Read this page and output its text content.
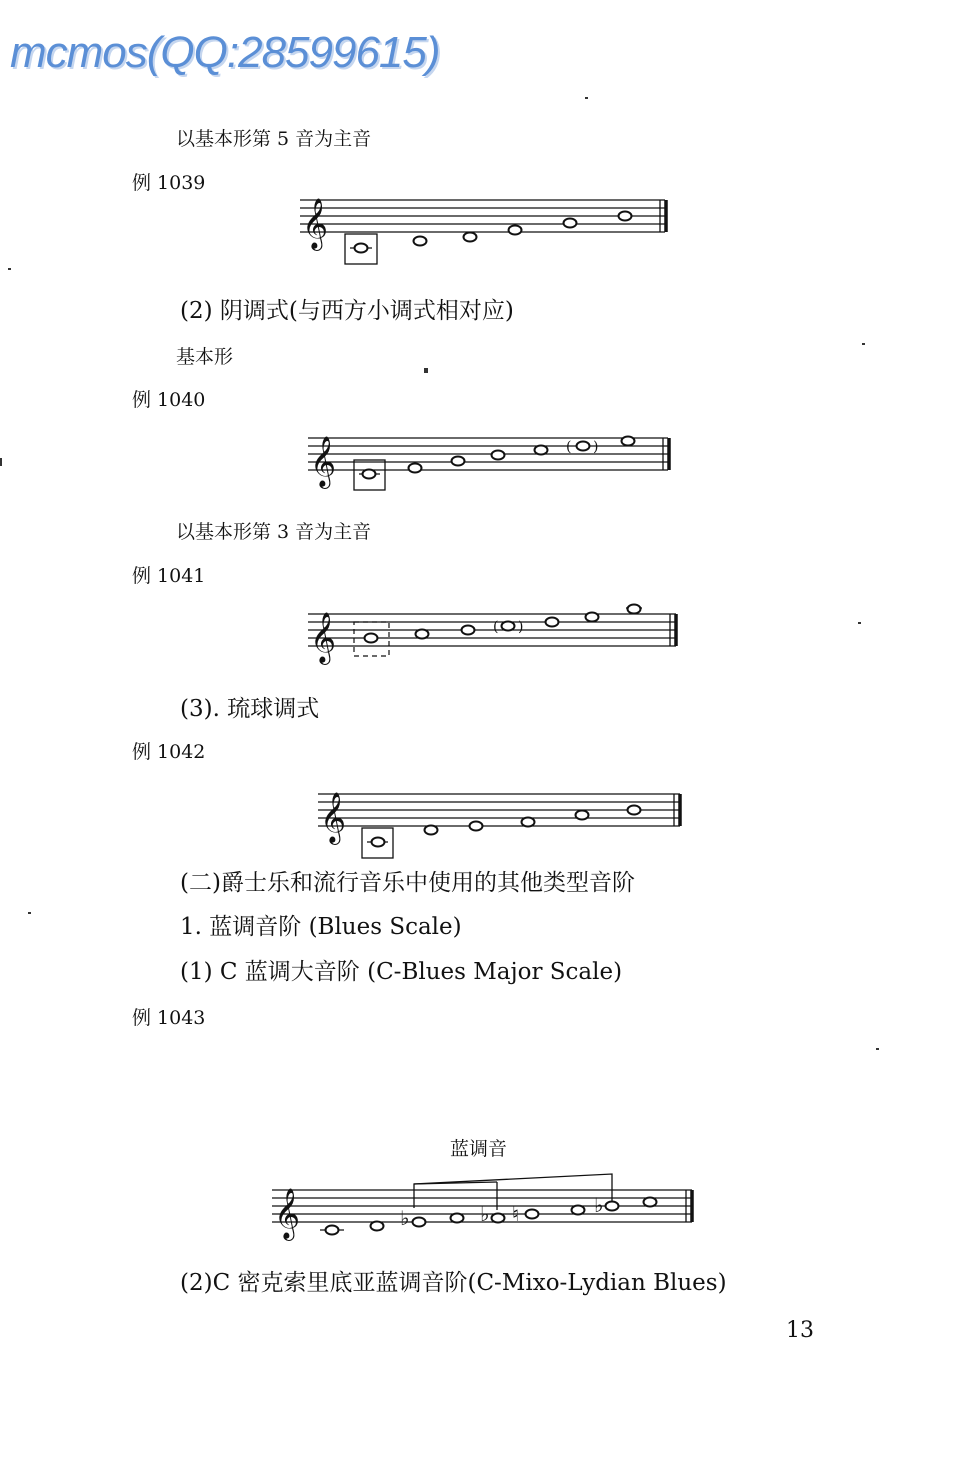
mcmos(QQ:28599615)
以基本形第 5 音为主音
例 1039
𝄞
(2) 阴调式(与西方小调式相对应)
基本形
例 1040
𝄞	( )
以基本形第 3 音为主音
例 1041
𝄞	( )
(3). 琉球调式
例 1042
𝄞
(二)爵士乐和流行音乐中使用的其他类型音阶
1. 蓝调音阶 (Blues Scale)
(1) C 蓝调大音阶 (C-Blues Major Scale)
例 1043
蓝调音
𝄞	♭	♭ ♮	♭
(2)C 密克索里底亚蓝调音阶(C-Mixo-Lydian Blues)
13
